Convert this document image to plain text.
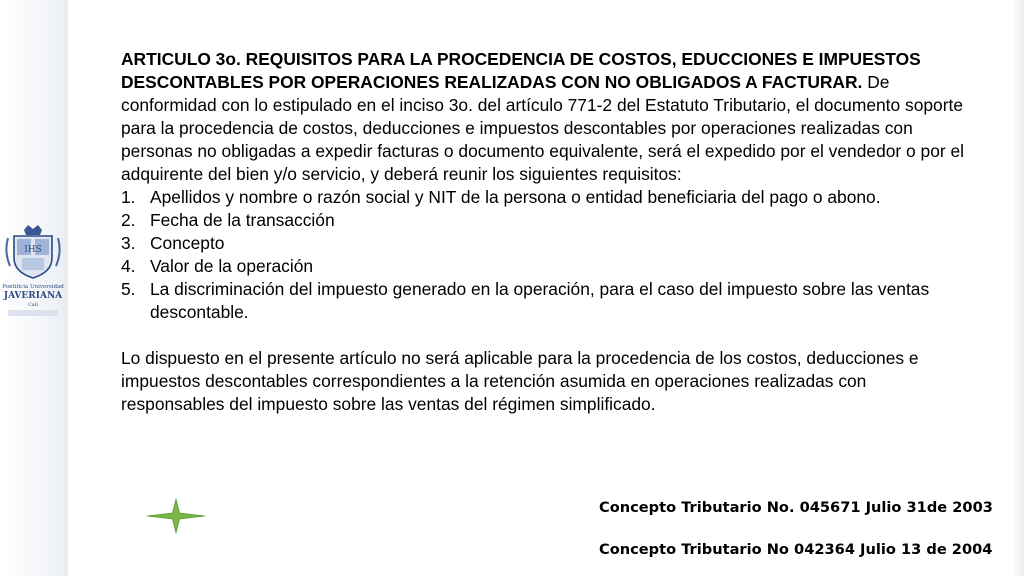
IHS
Pontificia Universidad
JAVERIANA
Cali

ARTICULO 3o. REQUISITOS PARA LA PROCEDENCIA DE COSTOS, EDUCCIONES E IMPUESTOS DESCONTABLES POR OPERACIONES REALIZADAS CON NO OBLIGADOS A FACTURAR. De conformidad con lo estipulado en el inciso 3o. del artículo 771-2 del Estatuto Tributario, el documento soporte para la procedencia de costos, deducciones e impuestos descontables por operaciones realizadas con personas no obligadas a expedir facturas o documento equivalente, será el expedido por el vendedor o por el adquirente del bien y/o servicio, y deberá reunir los siguientes requisitos:

1. Apellidos y nombre o razón social y NIT de la persona o entidad beneficiaria del pago o abono.
2. Fecha de la transacción
3. Concepto
4. Valor de la operación
5. La discriminación del impuesto generado en la operación, para el caso del impuesto sobre las ventas descontable.

Lo dispuesto en el presente artículo no será aplicable para la procedencia de los costos, deducciones e impuestos descontables correspondientes a la retención asumida en operaciones realizadas con responsables del impuesto sobre las ventas del régimen simplificado.

Concepto Tributario No. 045671 Julio 31de 2003
Concepto Tributario No 042364 Julio 13 de 2004
